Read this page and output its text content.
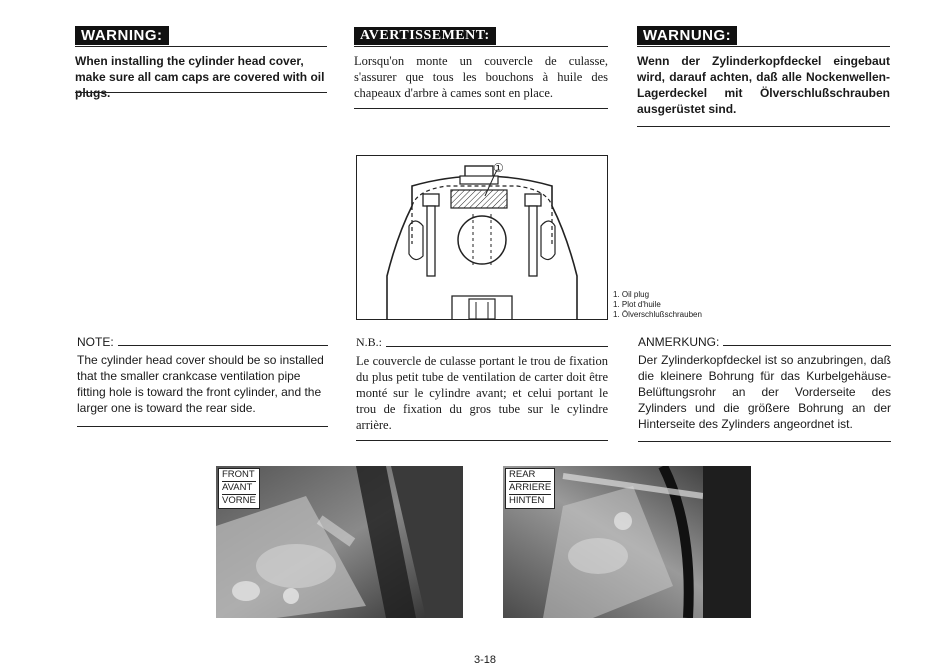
WARNING:
When installing the cylinder head cover, make sure all cam caps are covered with oil plugs.
AVERTISSEMENT:
Lorsqu'on monte un couvercle de culasse, s'assurer que tous les bouchons à huile des chapeaux d'arbre à cames sont en place.
WARNUNG:
Wenn der Zylinderkopfdeckel eingebaut wird, darauf achten, daß alle Nockenwellen-Lagerdeckel mit Ölverschlußschrauben ausgerüstet sind.
①
1. Oil plug
1. Plot d'huile
1. Ölverschlußschrauben
NOTE:
The cylinder head cover should be so installed that the smaller crankcase ventilation pipe fitting hole is toward the front cylinder, and the larger one is toward the rear side.
N.B.:
Le couvercle de culasse portant le trou de fixation du plus petit tube de ventilation de carter doit être monté sur le cylindre avant; et celui portant le trou de fixation du gros tube sur le cylindre arrière.
ANMERKUNG:
Der Zylinderkopfdeckel ist so anzubringen, daß die kleinere Bohrung für das Kurbelgehäuse-Belüftungsrohr an der Vorderseite des Zylinders und die größere Bohrung an der Hinterseite des Zylinders angeordnet ist.
FRONT
AVANT
VORNE
REAR
ARRIERE
HINTEN
3-18
